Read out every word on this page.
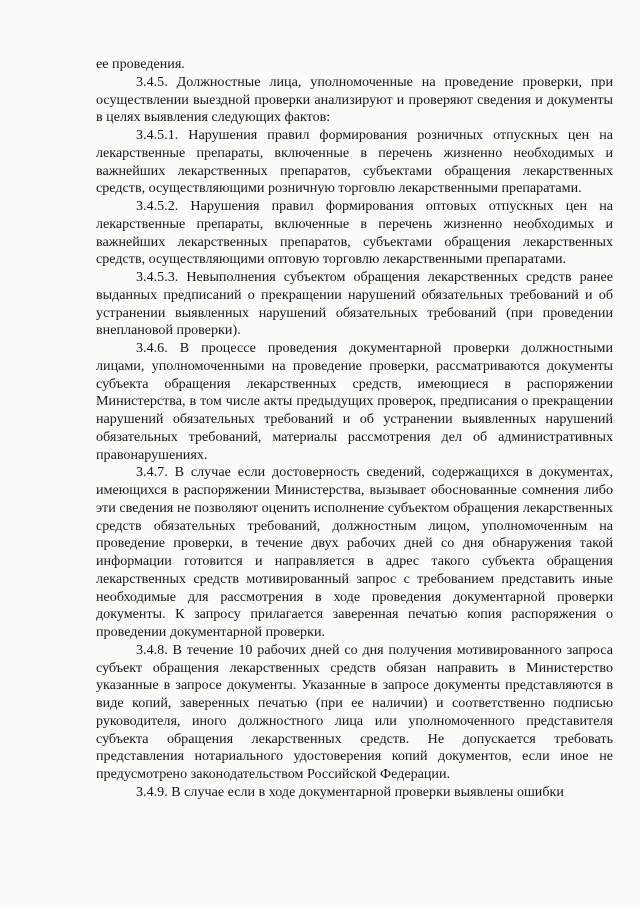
ее проведения.

3.4.5. Должностные лица, уполномоченные на проведение проверки, при осуществлении выездной проверки анализируют и проверяют сведения и документы в целях выявления следующих фактов:

3.4.5.1. Нарушения правил формирования розничных отпускных цен на лекарственные препараты, включенные в перечень жизненно необходимых и важнейших лекарственных препаратов, субъектами обращения лекарственных средств, осуществляющими розничную торговлю лекарственными препаратами.

3.4.5.2. Нарушения правил формирования оптовых отпускных цен на лекарственные препараты, включенные в перечень жизненно необходимых и важнейших лекарственных препаратов, субъектами обращения лекарственных средств, осуществляющими оптовую торговлю лекарственными препаратами.

3.4.5.3. Невыполнения субъектом обращения лекарственных средств ранее выданных предписаний о прекращении нарушений обязательных требований и об устранении выявленных нарушений обязательных требований (при проведении внеплановой проверки).

3.4.6. В процессе проведения документарной проверки должностными лицами, уполномоченными на проведение проверки, рассматриваются документы субъекта обращения лекарственных средств, имеющиеся в распоряжении Министерства, в том числе акты предыдущих проверок, предписания о прекращении нарушений обязательных требований и об устранении выявленных нарушений обязательных требований, материалы рассмотрения дел об административных правонарушениях.

3.4.7. В случае если достоверность сведений, содержащихся в документах, имеющихся в распоряжении Министерства, вызывает обоснованные сомнения либо эти сведения не позволяют оценить исполнение субъектом обращения лекарственных средств обязательных требований, должностным лицом, уполномоченным на проведение проверки, в течение двух рабочих дней со дня обнаружения такой информации готовится и направляется в адрес такого субъекта обращения лекарственных средств мотивированный запрос с требованием представить иные необходимые для рассмотрения в ходе проведения документарной проверки документы. К запросу прилагается заверенная печатью копия распоряжения о проведении документарной проверки.

3.4.8. В течение 10 рабочих дней со дня получения мотивированного запроса субъект обращения лекарственных средств обязан направить в Министерство указанные в запросе документы. Указанные в запросе документы представляются в виде копий, заверенных печатью (при ее наличии) и соответственно подписью руководителя, иного должностного лица или уполномоченного представителя субъекта обращения лекарственных средств. Не допускается требовать представления нотариального удостоверения копий документов, если иное не предусмотрено законодательством Российской Федерации.

3.4.9. В случае если в ходе документарной проверки выявлены ошибки
